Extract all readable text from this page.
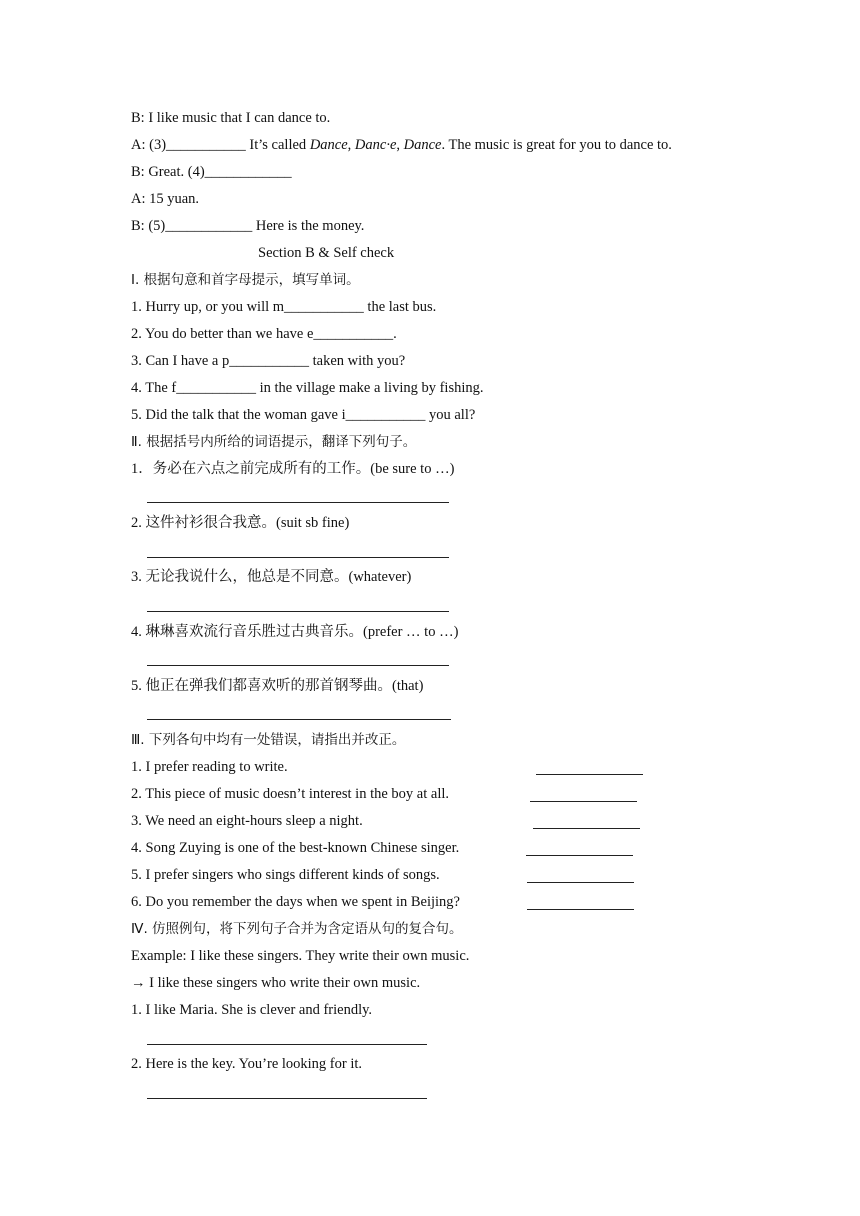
B: I like music that I can dance to.
A: (3)___________ It’s called Dance, Danc·e, Dance. The music is great for you to dance to.
B: Great. (4)____________
A: 15 yuan.
B: (5)____________ Here is the money.
Section B & Self check
Ⅰ. 根据句意和首字母提示，填写单词。
1. Hurry up, or you will m___________ the last bus.
2. You do better than we have e___________.
3. Can I have a p___________ taken with you?
4. The f___________ in the village make a living by fishing.
5. Did the talk that the woman gave i___________ you all?
Ⅱ. 根据括号内所给的词语提示，翻译下列句子。
1．务必在六点之前完成所有的工作。(be sure to …)
2. 这件衬衫很合我意。(suit sb fine)
3. 无论我说什么，他总是不同意。(whatever)
4. 琳琳喜欢流行音乐胜过古典音乐。(prefer … to …)
5. 他正在弹我们都喜欢听的那首钢琴曲。(that)
Ⅲ. 下列各句中均有一处错误，请指出并改正。
1. I prefer reading to write.
2. This piece of music doesn’t interest in the boy at all.
3. We need an eight-hours sleep a night.
4. Song Zuying is one of the best-known Chinese singer.
5. I prefer singers who sings different kinds of songs.
6. Do you remember the days when we spent in Beijing?
Ⅳ. 仿照例句，将下列句子合并为含定语从句的复合句。
Example: I like these singers. They write their own music.
→ I like these singers who write their own music.
1. I like Maria. She is clever and friendly.
2. Here is the key. You’re looking for it.
